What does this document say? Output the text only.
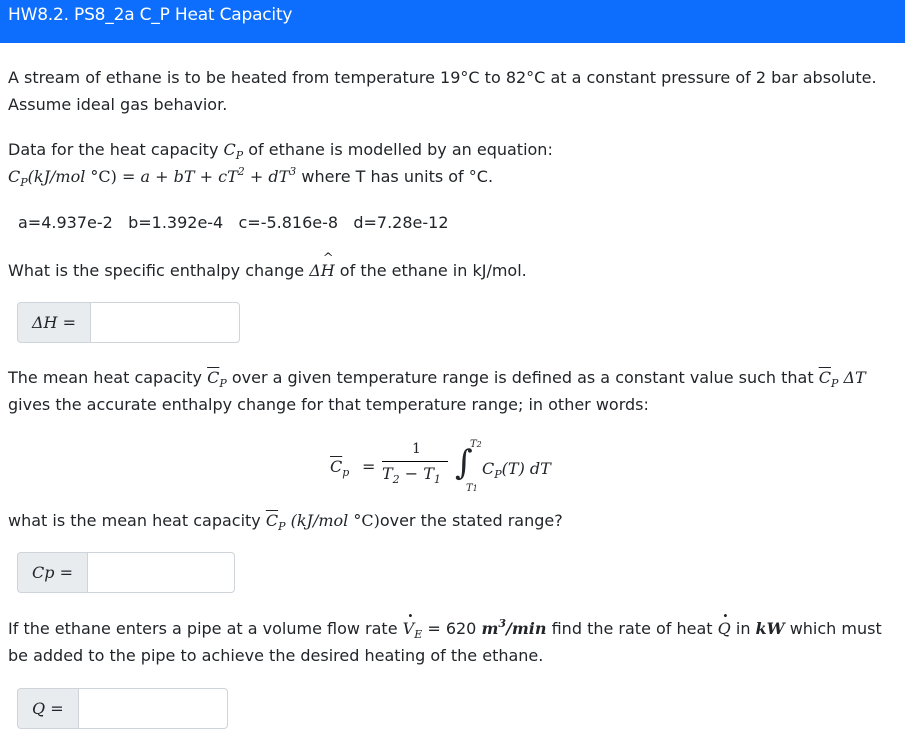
HW8.2. PS8_2a C_P Heat Capacity
A stream of ethane is to be heated from temperature 19°C to 82°C at a constant pressure of 2 bar absolute.
Assume ideal gas behavior.
Data for the heat capacity $C_P$ of ethane is modelled by an equation:
$C_P(kJ$/mol °C) = a + bT + $cT^2 + dT^3$ where T has units of °C.
a=4.937e-2   b=1.392e-4   c=-5.816e-8   d=7.28e-12
What is the specific enthalpy change ΔH ^ of the ethane in kJ/mol.
ΔH =
The mean heat capacity $\overline{C}_P$ over a given temperature range is defined as a constant value such that $\overline{C}_P$ ΔT
gives the accurate enthalpy change for that temperature range; in other words:
$\overline{C}_p$ =
1
$T_2 - T_1$ ∫
T2
T1
$C_P(T)$ dT
what is the mean heat capacity $\overline{C}_P$ (kJ/mol °C)over the stated range?
Cp =
If the ethane enters a pipe at a volume flow rate V $._E = 620$ $m^3/\min$ find the rate of heat Q . in kW which must
be added to the pipe to achieve the desired heating of the ethane.
Q =
